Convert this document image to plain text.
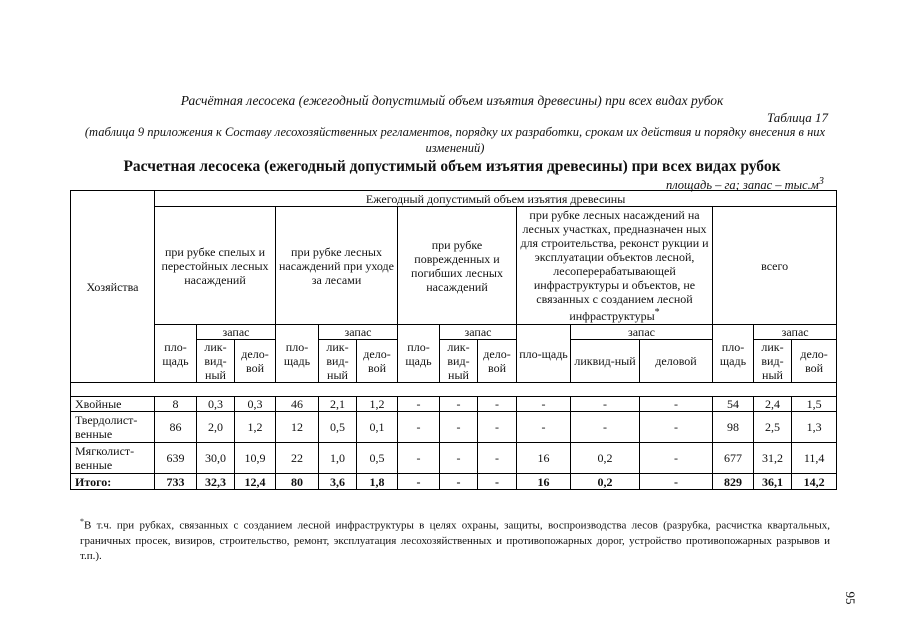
Расчётная лесосека (ежегодный допустимый объем изъятия древесины) при всех видах рубок
Таблица 17
(таблица 9 приложения к Составу лесохозяйственных регламентов, порядку их разработки, срокам их действия и порядку внесения в них изменений)
Расчетная лесосека (ежегодный допустимый объем изъятия древесины) при всех видах рубок
площадь – га; запас – $тыс.м^3$
Хозяйства	Ежегодный допустимый объем изъятия древесины														
	при рубке спелых и перестойных лесных насаждений			при рубке лесных насаждений при уходе за лесами			при рубке поврежденных и погибших лесных насаждений			при рубке лесных насаждений на лесных участках, предназначен ных для строительства, реконст рукции и эксплуатации объектов лесной, лесоперерабатывающей инфраструктуры и объектов, не связанных с созданием лесной инфраструктуры*			всего		
	пло-щадь	запас		пло-щадь	запас		пло-щадь	запас		пло-щадь	запас		пло-щадь	запас	
		лик-вид-ный	дело-вой		лик-вид-ный	дело-вой		лик-вид-ный	дело-вой		ликвид-ный	деловой		лик-вид-ный	дело-вой

Хвойные	8	0,3	0,3	46	2,1	1,2	-	-	-	-	-	-	54	2,4	1,5
Твердолист-венные	86	2,0	1,2	12	0,5	0,1	-	-	-	-	-	-	98	2,5	1,3
Мягколист-венные	639	30,0	10,9	22	1,0	0,5	-	-	-	16	0,2	-	677	31,2	11,4
Итого:	733	32,3	12,4	80	3,6	1,8	-	-	-	16	0,2	-	829	36,1	14,2
*В т.ч. при рубках, связанных с созданием лесной инфраструктуры в целях охраны, защиты, воспроизводства лесов (разрубка, расчистка квартальных, граничных просек, визиров, строительство, ремонт, эксплуатация лесохозяйственных и противопожарных дорог, устройство противопожарных разрывов и т.п.).
95
